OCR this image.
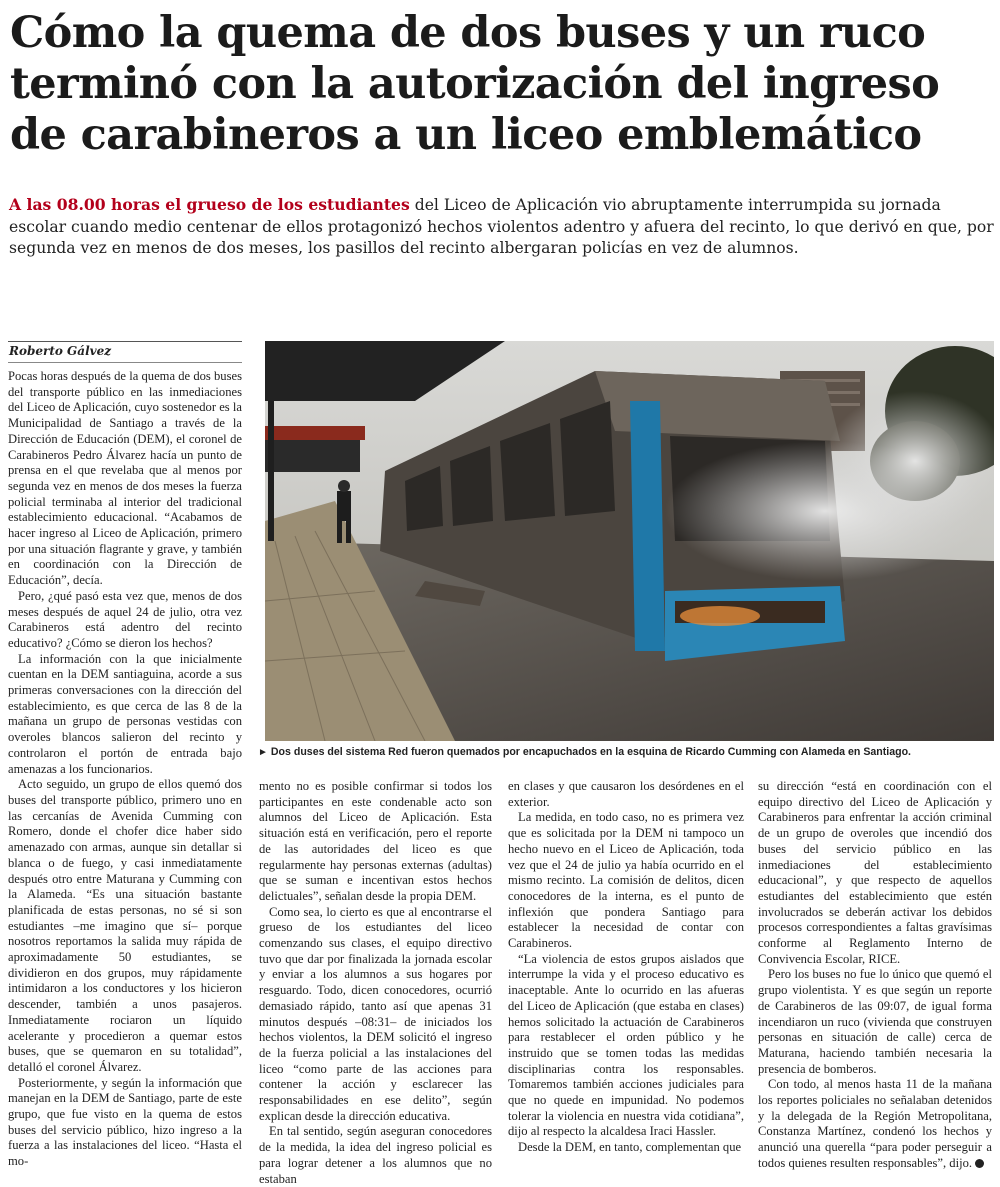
Cómo la quema de dos buses y un ruco
terminó con la autorización del ingreso
de carabineros a un liceo emblemático

A las 08.00 horas el grueso de los estudiantes del Liceo de Aplicación vio abruptamente interrumpida su jornada escolar cuando medio centenar de ellos protagonizó hechos violentos adentro y afuera del recinto, lo que derivó en que, por segunda vez en menos de dos meses, los pasillos del recinto albergaran policías en vez de alumnos.

Roberto Gálvez

Pocas horas después de la quema de dos buses del transporte público en las inmediaciones del Liceo de Aplicación, cuyo sostenedor es la Municipalidad de Santiago a través de la Dirección de Educación (DEM), el coronel de Carabineros Pedro Álvarez hacía un punto de prensa en el que revelaba que al menos por segunda vez en menos de dos meses la fuerza policial terminaba al interior del tradicional establecimiento educacional. “Acabamos de hacer ingreso al Liceo de Aplicación, primero por una situación flagrante y grave, y también en coordinación con la Dirección de Educación”, decía.

Pero, ¿qué pasó esta vez que, menos de dos meses después de aquel 24 de julio, otra vez Carabineros está adentro del recinto educativo? ¿Cómo se dieron los hechos?

La información con la que inicialmente cuentan en la DEM santiaguina, acorde a sus primeras conversaciones con la dirección del establecimiento, es que cerca de las 8 de la mañana un grupo de personas vestidas con overoles blancos salieron del recinto y controlaron el portón de entrada bajo amenazas a los funcionarios.

Acto seguido, un grupo de ellos quemó dos buses del transporte público, primero uno en las cercanías de Avenida Cumming con Romero, donde el chofer dice haber sido amenazado con armas, aunque sin detallar si blanca o de fuego, y casi inmediatamente después otro entre Maturana y Cumming con la Alameda. “Es una situación bastante planificada de estas personas, no sé si son estudiantes –me imagino que sí– porque nosotros reportamos la salida muy rápida de aproximadamente 50 estudiantes, se dividieron en dos grupos, muy rápidamente intimidaron a los conductores y los hicieron descender, también a unos pasajeros. Inmediatamente rociaron un líquido acelerante y procedieron a quemar estos buses, que se quemaron en su totalidad”, detalló el coronel Álvarez.

Posteriormente, y según la información que manejan en la DEM de Santiago, parte de este grupo, que fue visto en la quema de estos buses del servicio público, hizo ingreso a la fuerza a las instalaciones del liceo. “Hasta el mo-

► Dos duses del sistema Red fueron quemados por encapuchados en la esquina de Ricardo Cumming con Alameda en Santiago.

mento no es posible confirmar si todos los participantes en este condenable acto son alumnos del Liceo de Aplicación. Esta situación está en verificación, pero el reporte de las autoridades del liceo es que regularmente hay personas externas (adultas) que se suman e incentivan estos hechos delictuales”, señalan desde la propia DEM.

Como sea, lo cierto es que al encontrarse el grueso de los estudiantes del liceo comenzando sus clases, el equipo directivo tuvo que dar por finalizada la jornada escolar y enviar a los alumnos a sus hogares por resguardo. Todo, dicen conocedores, ocurrió demasiado rápido, tanto así que apenas 31 minutos después –08:31– de iniciados los hechos violentos, la DEM solicitó el ingreso de la fuerza policial a las instalaciones del liceo “como parte de las acciones para contener la acción y esclarecer las responsabilidades en ese delito”, según explican desde la dirección educativa.

En tal sentido, según aseguran conocedores de la medida, la idea del ingreso policial es para lograr detener a los alumnos que no estaban

en clases y que causaron los desórdenes en el exterior.

La medida, en todo caso, no es primera vez que es solicitada por la DEM ni tampoco un hecho nuevo en el Liceo de Aplicación, toda vez que el 24 de julio ya había ocurrido en el mismo recinto. La comisión de delitos, dicen conocedores de la interna, es el punto de inflexión que pondera Santiago para establecer la necesidad de contar con Carabineros.

“La violencia de estos grupos aislados que interrumpe la vida y el proceso educativo es inaceptable. Ante lo ocurrido en las afueras del Liceo de Aplicación (que estaba en clases) hemos solicitado la actuación de Carabineros para restablecer el orden público y he instruido que se tomen todas las medidas disciplinarias contra los responsables. Tomaremos también acciones judiciales para que no quede en impunidad. No podemos tolerar la violencia en nuestra vida cotidiana”, dijo al respecto la alcaldesa Iraci Hassler.

Desde la DEM, en tanto, complementan que

su dirección “está en coordinación con el equipo directivo del Liceo de Aplicación y Carabineros para enfrentar la acción criminal de un grupo de overoles que incendió dos buses del servicio público en las inmediaciones del establecimiento educacional”, y que respecto de aquellos estudiantes del establecimiento que estén involucrados se deberán activar los debidos procesos correspondientes a faltas gravísimas conforme al Reglamento Interno de Convivencia Escolar, RICE.

Pero los buses no fue lo único que quemó el grupo violentista. Y es que según un reporte de Carabineros de las 09:07, de igual forma incendiaron un ruco (vivienda que construyen personas en situación de calle) cerca de Maturana, haciendo también necesaria la presencia de bomberos.

Con todo, al menos hasta 11 de la mañana los reportes policiales no señalaban detenidos y la delegada de la Región Metropolitana, Constanza Martínez, condenó los hechos y anunció una querella “para poder perseguir a todos quienes resulten responsables”, dijo.
